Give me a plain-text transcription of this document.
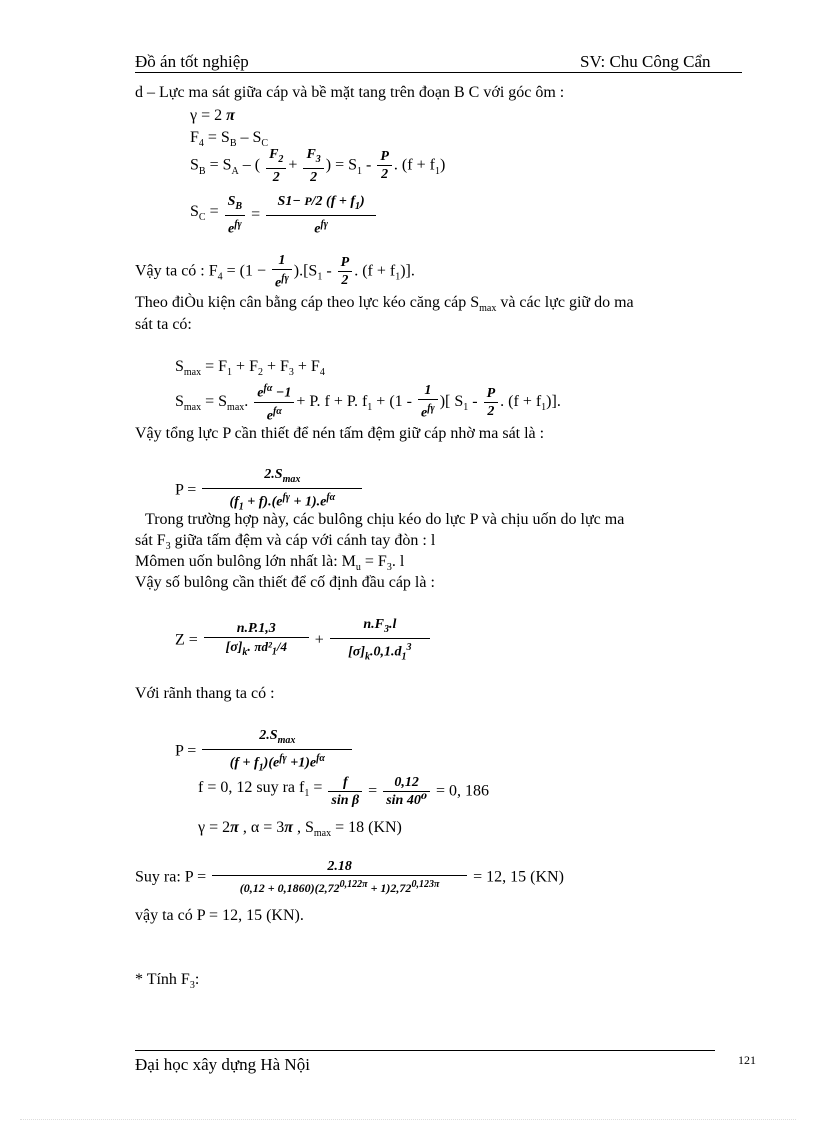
Đồ án tốt nghiệp	SV: Chu Công Cẩn
d – Lực ma sát giữa cáp và bề mặt tang trên đoạn B C với góc ôm :
γ = 2 π
$F_4 = S_B - S_C$
$S_B = S_A$ – ( $\frac{F_2}{2} + \frac{F_3}{2}$ ) = $S_1 - \frac{P}{2}$ . $(f + f_1)$
$S_C = \frac{S_B}{e^{f\gamma}} = \frac{S1- P/2 (f + f_1)}{e^{f\gamma}}$
Vậy ta có : $F_4 = (1 - \frac{1}{e^{f\gamma}} ).[S_1 - \frac{P}{2}$ . $(f + f_1)$].
Theo điÒu kiện cân bằng cáp theo lực kéo căng cáp $S_{max}$ và các lực giữ do ma
sát ta có:
$S_{max} = F_1 + F_2 + F_3 + F_4$
$S_{max} = S_{max}$. $\frac{e^{f\alpha} -1}{e^{f\alpha}} + P$. f + P. $f_1 + (1 - \frac{1}{e^{f\gamma}}$ )[ $S_1 - \frac{P}{2}$ . $(f + f_1)$].
Vậy tổng lực P cần thiết để nén tấm đệm giữ cáp nhờ ma sát là :
$P = \frac{2.S_{max}}{(f_1 + f).(e^{f\gamma} + 1).e^{f\alpha}}$
Trong trường hợp này, các bulông chịu kéo do lực P và chịu uốn do lực ma
sát $F_3$ giữa tấm đệm và cáp với cánh tay đòn : l
Mômen uốn bulông lớn nhất là: $M_u = F_3$. l
Vậy số bulông cần thiết để cố định đầu cáp là :
$Z = \frac{n.P.1,3}{[\sigma]_k. \pi d^2_1/4} + \frac{n.F_3.l}{[\sigma]_k.0,1.d_1^3}$
Với rãnh thang ta có :
$P = \frac{2.S_{max}}{(f + f_1)(e^{f\gamma} +1)e^{f\alpha}}$
f = 0, 12 suy ra $f_1 = \frac{f}{\text{sin β}} = \frac{0,12}{\text{sin 40⁰}} = 0$, 186
γ = 2π , α = 3π , $S_{max} = 18$ (KN)
Suy ra: $P = \frac{2.18}{(0,12 + 0,1860)(2,72^{0,122\pi} + 1)2,72^{0,123\pi}} = 12$, 15 (KN)
vậy ta có P = 12, 15 (KN).
* Tính $F_3$:
Đại học xây dựng Hà Nội	121
